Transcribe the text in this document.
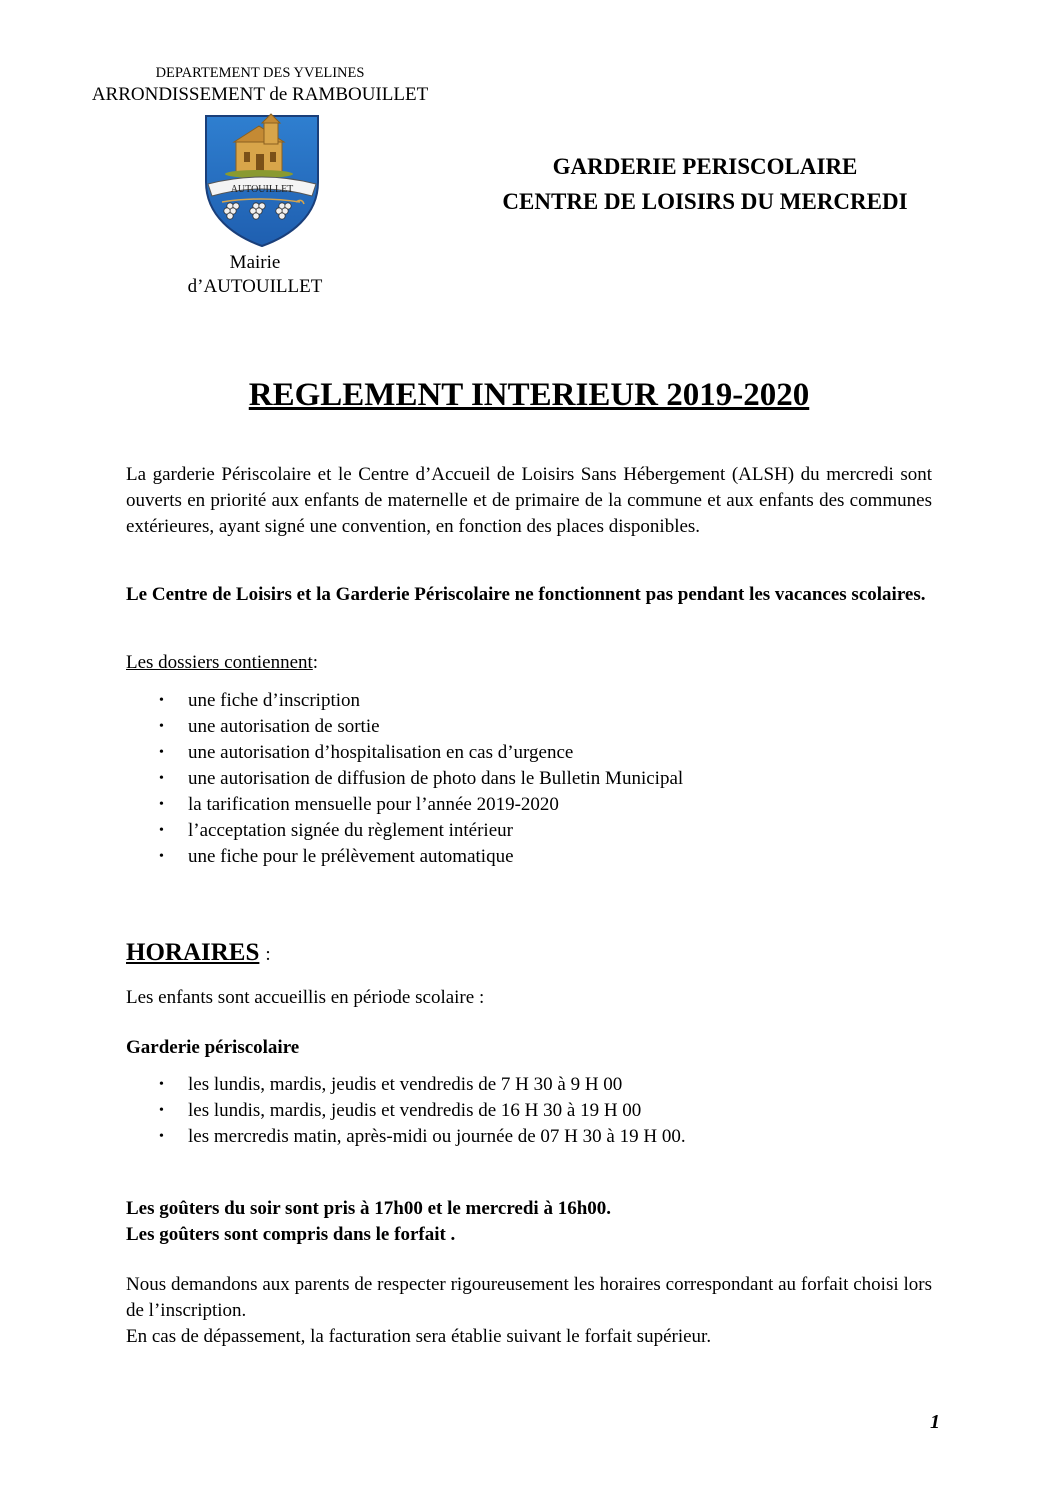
DEPARTEMENT DES YVELINES
ARRONDISSEMENT de RAMBOUILLET
AUTOUILLET
Mairie
d’AUTOUILLET
GARDERIE PERISCOLAIRE
CENTRE DE LOISIRS DU MERCREDI
REGLEMENT INTERIEUR 2019-2020
La garderie Périscolaire et le Centre d’Accueil de Loisirs Sans Hébergement (ALSH) du mercredi sont ouverts en priorité aux enfants de maternelle et de primaire de la commune et aux enfants des communes extérieures, ayant signé une convention, en fonction des places disponibles.
Le Centre de Loisirs et la Garderie Périscolaire ne fonctionnent pas pendant les vacances scolaires.
Les dossiers contiennent:
• une fiche d’inscription
• une autorisation de sortie
• une autorisation d’hospitalisation en cas d’urgence
• une autorisation de diffusion de photo dans le Bulletin Municipal
• la tarification mensuelle pour l’année 2019-2020
• l’acceptation signée du règlement intérieur
• une fiche pour le prélèvement automatique
HORAIRES :
Les enfants sont accueillis en période scolaire :
Garderie périscolaire
• les lundis, mardis, jeudis et vendredis de 7 H 30 à 9 H 00
• les lundis, mardis, jeudis et vendredis de 16 H 30 à 19 H 00
• les mercredis matin, après-midi ou journée de 07 H 30 à 19 H 00.
Les goûters du soir sont pris à 17h00 et le mercredi à 16h00.
Les goûters sont compris dans le forfait .
Nous demandons aux parents de respecter rigoureusement les horaires correspondant au forfait choisi lors de l’inscription.
En cas de dépassement, la facturation sera établie suivant le forfait supérieur.
1
